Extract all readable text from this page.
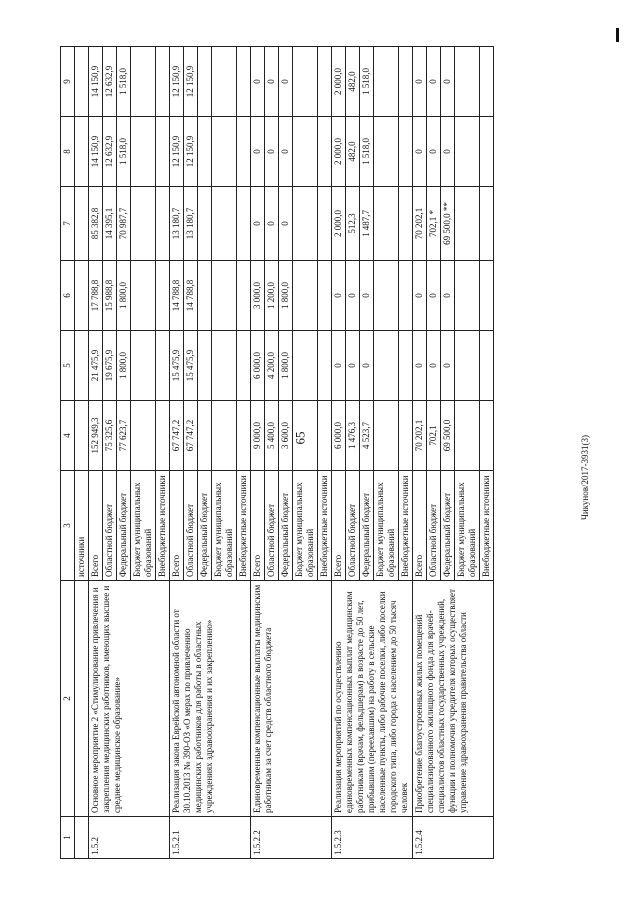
65	Чикунов/2017-3931(3)
1	2	3	4	5	6	7	8	9
		источники						
1.5.2	Основное мероприятие 2 «Стимулирование привлечения и закрепления медицинских работников, имеющих высшее и среднее медицинское образование»	Всего	152 949,3	21 475,9	17 788,8	85 382,8	14 150,9	14 150,9
		Областной бюджет	75 325,6	19 675,9	15 988,8	14 395,1	12 632,9	12 632,9
		Федеральный бюджет	77 623,7	1 800,0	1 800,0	70 987,7	1 518,0	1 518,0
		Бюджет муниципальных образований						
		Внебюджетные источники						
1.5.2.1	Реализация закона Еврейской автономной области от 30.10.2013 № 390-ОЗ «О мерах по привлечению медицинских работников для работы в областных учреждениях здравоохранения и их закреплению»	Всего	67 747,2	15 475,9	14 788,8	13 180,7	12 150,9	12 150,9
		Областной бюджет	67 747,2	15 475,9	14 788,8	13 180,7	12 150,9	12 150,9
		Федеральный бюджет						
		Бюджет муниципальных образований						
		Внебюджетные источники						
1.5.2.2	Единовременные компенсационные выплаты медицинским работникам за счет средств областного бюджета	Всего	9 000,0	6 000,0	3 000,0	0	0	0
		Областной бюджет	5 400,0	4 200,0	1 200,0	0	0	0
		Федеральный бюджет	3 600,0	1 800,0	1 800,0	0	0	0
		Бюджет муниципальных образований						
		Внебюджетные источники						
1.5.2.3	Реализация мероприятий по осуществлению единовременных компенсационных выплат медицинским работникам (врачам, фельдшерам) в возрасте до 50 лет, прибывшим (переехавшим) на работу в сельские населенные пункты, либо рабочие поселки, либо поселки городского типа, либо города с населением до 50 тысяч человек	Всего	6 000,0	0	0	2 000,0	2 000,0	2 000,0
		Областной бюджет	1 476,3	0	0	512,3	482,0	482,0
		Федеральный бюджет	4 523,7	0	0	1 487,7	1 518,0	1 518,0
		Бюджет муниципальных образований						
		Внебюджетные источники						
1.5.2.4	Приобретение благоустроенных жилых помещений специализированного жилищного фонда для врачей-специалистов областных государственных учреждений, функции и полномочия учредителя которых осуществляет управление здравоохранения правительства области	Всего	70 202,1	0	0	70 202,1	0	0
		Областной бюджет	702,1	0	0	702,1 *	0	0
		Федеральный бюджет	69 500,0	0	0	69 500,0 **	0	0
		Бюджет муниципальных образований						
		Внебюджетные источники						
